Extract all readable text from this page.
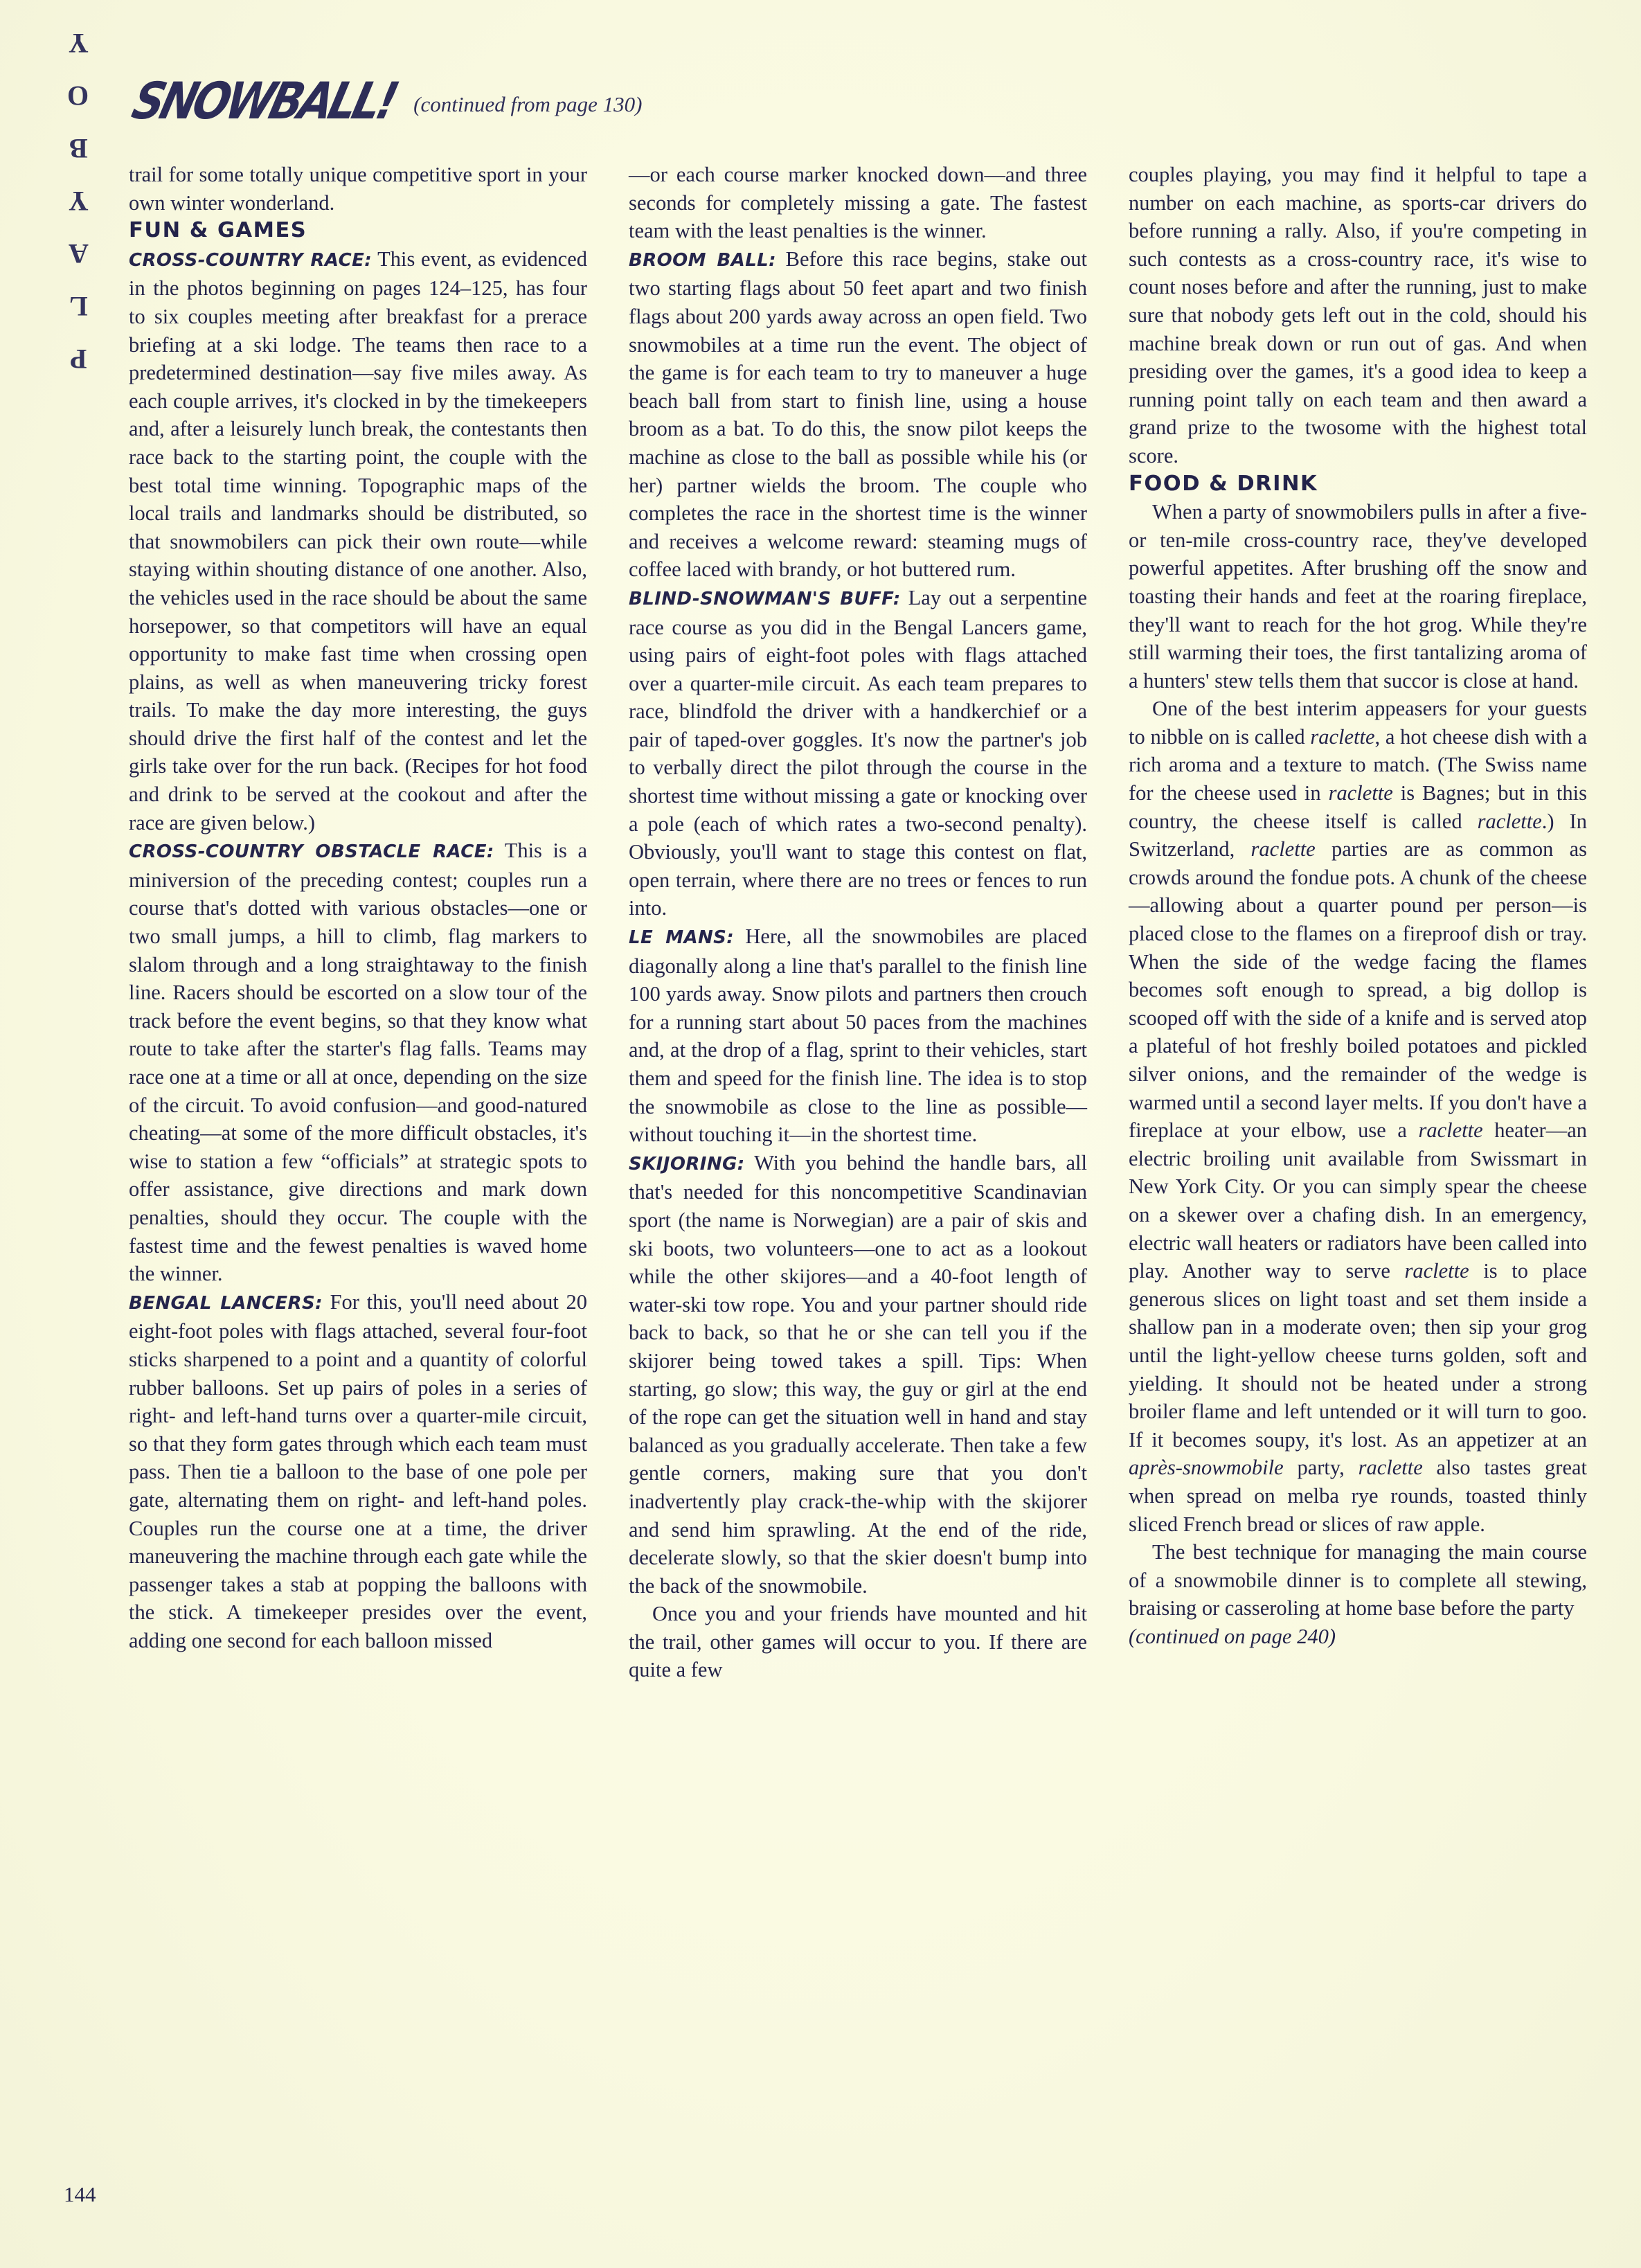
P
L
A
Y
B
O
Y
SNOWBALL! (continued from page 130)

trail for some totally unique competitive sport in your own winter wonderland.

FUN & GAMES

CROSS-COUNTRY RACE: This event, as evidenced in the photos beginning on pages 124–125, has four to six couples meeting after breakfast for a prerace briefing at a ski lodge. The teams then race to a predetermined destination—say five miles away. As each couple arrives, it's clocked in by the timekeepers and, after a leisurely lunch break, the contestants then race back to the starting point, the couple with the best total time winning. Topographic maps of the local trails and landmarks should be distributed, so that snowmobilers can pick their own route—while staying within shouting distance of one another. Also, the vehicles used in the race should be about the same horsepower, so that competitors will have an equal opportunity to make fast time when crossing open plains, as well as when maneuvering tricky forest trails. To make the day more interesting, the guys should drive the first half of the contest and let the girls take over for the run back. (Recipes for hot food and drink to be served at the cookout and after the race are given below.)

CROSS-COUNTRY OBSTACLE RACE: This is a miniversion of the preceding contest; couples run a course that's dotted with various obstacles—one or two small jumps, a hill to climb, flag markers to slalom through and a long straightaway to the finish line. Racers should be escorted on a slow tour of the track before the event begins, so that they know what route to take after the starter's flag falls. Teams may race one at a time or all at once, depending on the size of the circuit. To avoid confusion—and good-natured cheating—at some of the more difficult obstacles, it's wise to station a few “officials” at strategic spots to offer assistance, give directions and mark down penalties, should they occur. The couple with the fastest time and the fewest penalties is waved home the winner.

BENGAL LANCERS: For this, you'll need about 20 eight-foot poles with flags attached, several four-foot sticks sharpened to a point and a quantity of colorful rubber balloons. Set up pairs of poles in a series of right- and left-hand turns over a quarter-mile circuit, so that they form gates through which each team must pass. Then tie a balloon to the base of one pole per gate, alternating them on right- and left-hand poles. Couples run the course one at a time, the driver maneuvering the machine through each gate while the passenger takes a stab at popping the balloons with the stick. A timekeeper presides over the event, adding one second for each balloon missed

—or each course marker knocked down—and three seconds for completely missing a gate. The fastest team with the least penalties is the winner.

BROOM BALL: Before this race begins, stake out two starting flags about 50 feet apart and two finish flags about 200 yards away across an open field. Two snowmobiles at a time run the event. The object of the game is for each team to try to maneuver a huge beach ball from start to finish line, using a house broom as a bat. To do this, the snow pilot keeps the machine as close to the ball as possible while his (or her) partner wields the broom. The couple who completes the race in the shortest time is the winner and receives a welcome reward: steaming mugs of coffee laced with brandy, or hot buttered rum.

BLIND-SNOWMAN'S BUFF: Lay out a serpentine race course as you did in the Bengal Lancers game, using pairs of eight-foot poles with flags attached over a quarter-mile circuit. As each team prepares to race, blindfold the driver with a handkerchief or a pair of taped-over goggles. It's now the partner's job to verbally direct the pilot through the course in the shortest time without missing a gate or knocking over a pole (each of which rates a two-second penalty). Obviously, you'll want to stage this contest on flat, open terrain, where there are no trees or fences to run into.

LE MANS: Here, all the snowmobiles are placed diagonally along a line that's parallel to the finish line 100 yards away. Snow pilots and partners then crouch for a running start about 50 paces from the machines and, at the drop of a flag, sprint to their vehicles, start them and speed for the finish line. The idea is to stop the snowmobile as close to the line as possible—without touching it—in the shortest time.

SKIJORING: With you behind the handle bars, all that's needed for this noncompetitive Scandinavian sport (the name is Norwegian) are a pair of skis and ski boots, two volunteers—one to act as a lookout while the other skijores—and a 40-foot length of water-ski tow rope. You and your partner should ride back to back, so that he or she can tell you if the skijorer being towed takes a spill. Tips: When starting, go slow; this way, the guy or girl at the end of the rope can get the situation well in hand and stay balanced as you gradually accelerate. Then take a few gentle corners, making sure that you don't inadvertently play crack-the-whip with the skijorer and send him sprawling. At the end of the ride, decelerate slowly, so that the skier doesn't bump into the back of the snowmobile.

Once you and your friends have mounted and hit the trail, other games will occur to you. If there are quite a few

couples playing, you may find it helpful to tape a number on each machine, as sports-car drivers do before running a rally. Also, if you're competing in such contests as a cross-country race, it's wise to count noses before and after the running, just to make sure that nobody gets left out in the cold, should his machine break down or run out of gas. And when presiding over the games, it's a good idea to keep a running point tally on each team and then award a grand prize to the twosome with the highest total score.

FOOD & DRINK

When a party of snowmobilers pulls in after a five- or ten-mile cross-country race, they've developed powerful appetites. After brushing off the snow and toasting their hands and feet at the roaring fireplace, they'll want to reach for the hot grog. While they're still warming their toes, the first tantalizing aroma of a hunters' stew tells them that succor is close at hand.

One of the best interim appeasers for your guests to nibble on is called raclette, a hot cheese dish with a rich aroma and a texture to match. (The Swiss name for the cheese used in raclette is Bagnes; but in this country, the cheese itself is called raclette.) In Switzerland, raclette parties are as common as crowds around the fondue pots. A chunk of the cheese—allowing about a quarter pound per person—is placed close to the flames on a fireproof dish or tray. When the side of the wedge facing the flames becomes soft enough to spread, a big dollop is scooped off with the side of a knife and is served atop a plateful of hot freshly boiled potatoes and pickled silver onions, and the remainder of the wedge is warmed until a second layer melts. If you don't have a fireplace at your elbow, use a raclette heater—an electric broiling unit available from Swissmart in New York City. Or you can simply spear the cheese on a skewer over a chafing dish. In an emergency, electric wall heaters or radiators have been called into play. Another way to serve raclette is to place generous slices on light toast and set them inside a shallow pan in a moderate oven; then sip your grog until the light-yellow cheese turns golden, soft and yielding. It should not be heated under a strong broiler flame and left untended or it will turn to goo. If it becomes soupy, it's lost. As an appetizer at an après-snowmobile party, raclette also tastes great when spread on melba rye rounds, toasted thinly sliced French bread or slices of raw apple.

The best technique for managing the main course of a snowmobile dinner is to complete all stewing, braising or casseroling at home base before the party

(continued on page 240)

144
